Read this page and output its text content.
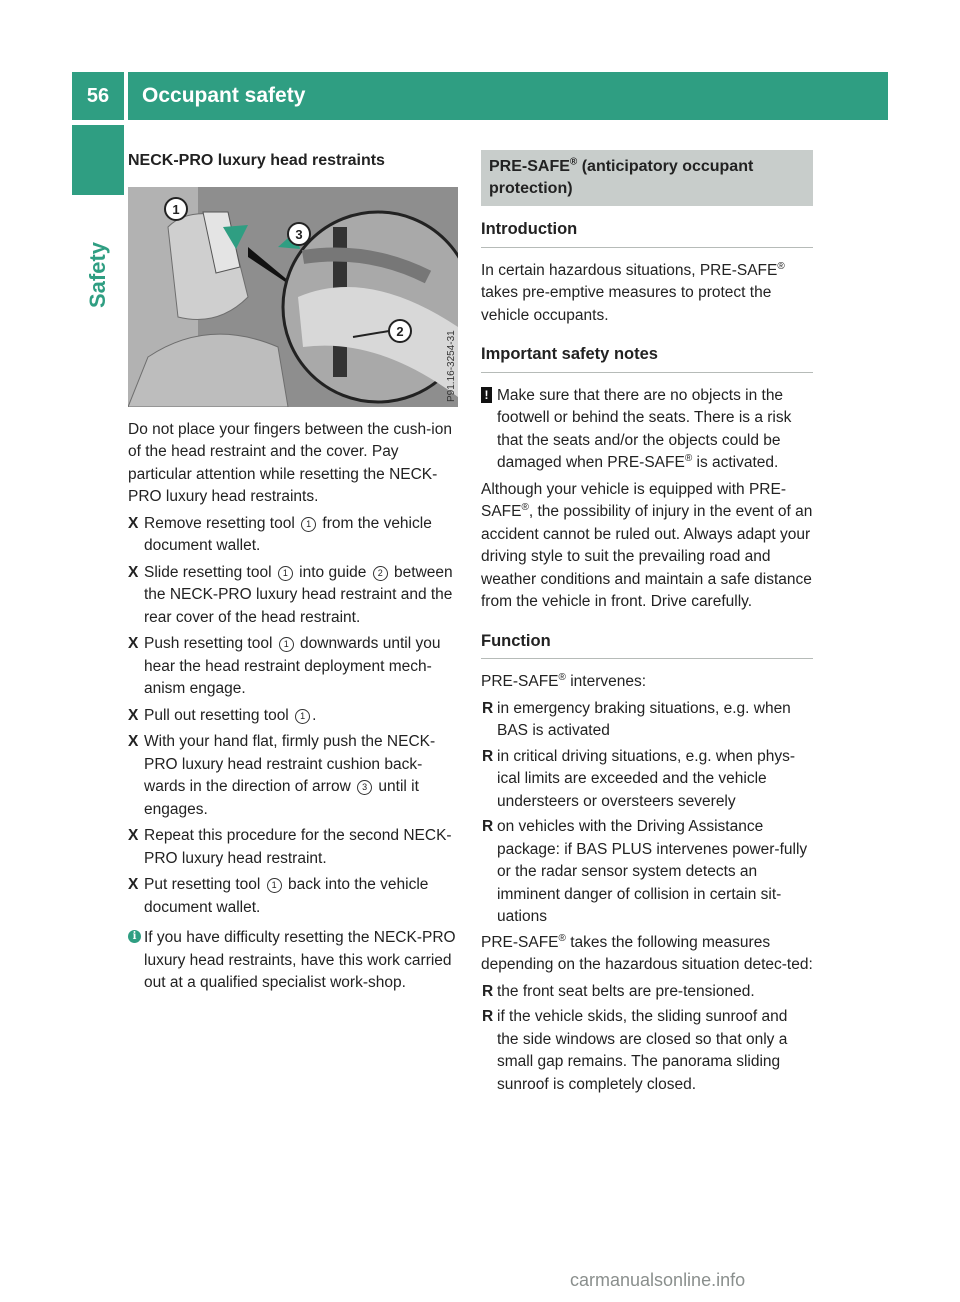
56	Occupant safety
Safety
NECK-PRO luxury head restraints
1
3
2	P91.16-3254-31

Do not place your fingers between the cush-ion of the head restraint and the cover. Pay particular attention while resetting the NECK-PRO luxury head restraints.

X Remove resetting tool 1 from the vehicle document wallet.
X Slide resetting tool 1 into guide 2 between the NECK-PRO luxury head restraint and the rear cover of the head restraint.
X Push resetting tool 1 downwards until you hear the head restraint deployment mech-anism engage.
X Pull out resetting tool 1 .
X With your hand flat, firmly push the NECK-PRO luxury head restraint cushion back-wards in the direction of arrow 3 until it engages.
X Repeat this procedure for the second NECK-PRO luxury head restraint.
X Put resetting tool 1 back into the vehicle document wallet.
i If you have difficulty resetting the NECK-PRO luxury head restraints, have this work carried out at a qualified specialist work-shop.
PRE-SAFE® (anticipatory occupant protection)
Introduction

In certain hazardous situations, PRE-SAFE® takes pre-emptive measures to protect the vehicle occupants.

Important safety notes
! Make sure that there are no objects in the footwell or behind the seats. There is a risk that the seats and/or the objects could be damaged when PRE-SAFE® is activated.

Although your vehicle is equipped with PRE-SAFE®, the possibility of injury in the event of an accident cannot be ruled out. Always adapt your driving style to suit the prevailing road and weather conditions and maintain a safe distance from the vehicle in front. Drive carefully.

Function

PRE-SAFE® intervenes:

R in emergency braking situations, e.g. when BAS is activated
R in critical driving situations, e.g. when phys-ical limits are exceeded and the vehicle understeers or oversteers severely
R on vehicles with the Driving Assistance package: if BAS PLUS intervenes power-fully or the radar sensor system detects an imminent danger of collision in certain sit-uations

PRE-SAFE® takes the following measures depending on the hazardous situation detec-ted:

R the front seat belts are pre-tensioned.
R if the vehicle skids, the sliding sunroof and the side windows are closed so that only a small gap remains. The panorama sliding sunroof is completely closed.
carmanualsonline.info
